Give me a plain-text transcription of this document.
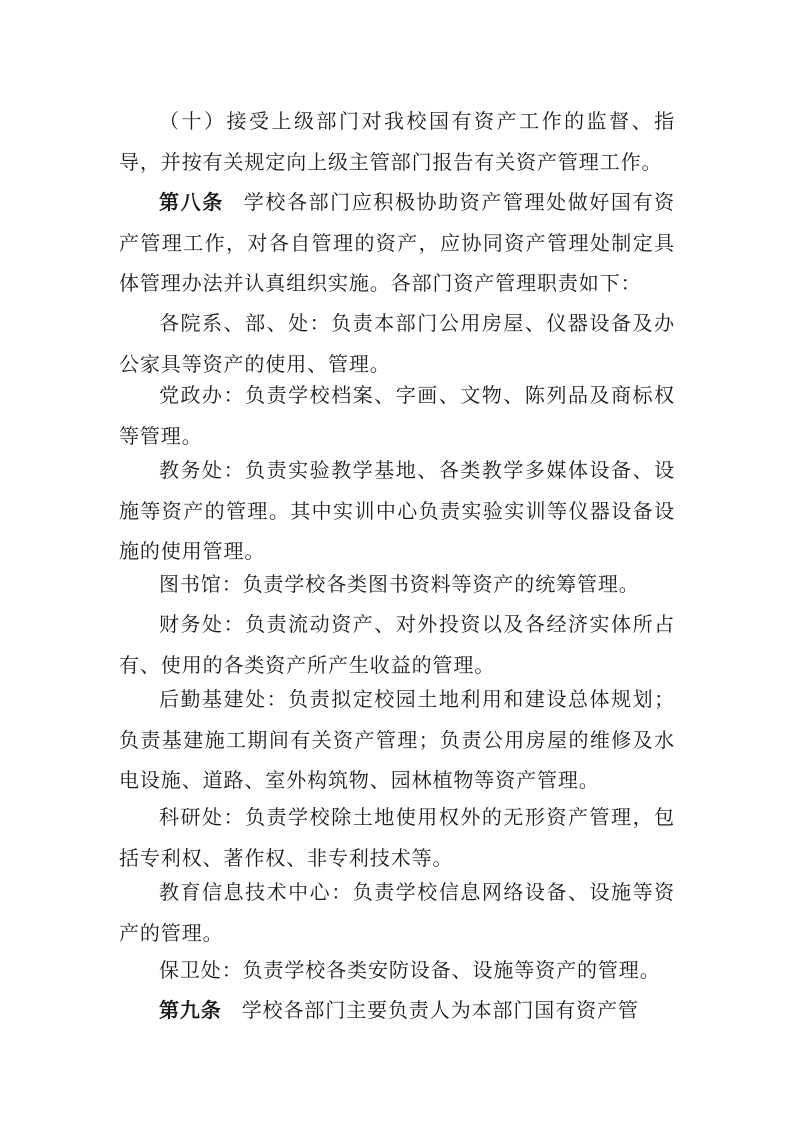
（十）接受上级部门对我校国有资产工作的监督、指导，并按有关规定向上级主管部门报告有关资产管理工作。
第八条 学校各部门应积极协助资产管理处做好国有资产管理工作，对各自管理的资产，应协同资产管理处制定具体管理办法并认真组织实施。各部门资产管理职责如下：
各院系、部、处：负责本部门公用房屋、仪器设备及办公家具等资产的使用、管理。
党政办：负责学校档案、字画、文物、陈列品及商标权等管理。
教务处：负责实验教学基地、各类教学多媒体设备、设施等资产的管理。其中实训中心负责实验实训等仪器设备设施的使用管理。
图书馆：负责学校各类图书资料等资产的统筹管理。
财务处：负责流动资产、对外投资以及各经济实体所占有、使用的各类资产所产生收益的管理。
后勤基建处：负责拟定校园土地利用和建设总体规划；负责基建施工期间有关资产管理；负责公用房屋的维修及水电设施、道路、室外构筑物、园林植物等资产管理。
科研处：负责学校除土地使用权外的无形资产管理，包括专利权、著作权、非专利技术等。
教育信息技术中心：负责学校信息网络设备、设施等资产的管理。
保卫处：负责学校各类安防设备、设施等资产的管理。
第九条 学校各部门主要负责人为本部门国有资产管
